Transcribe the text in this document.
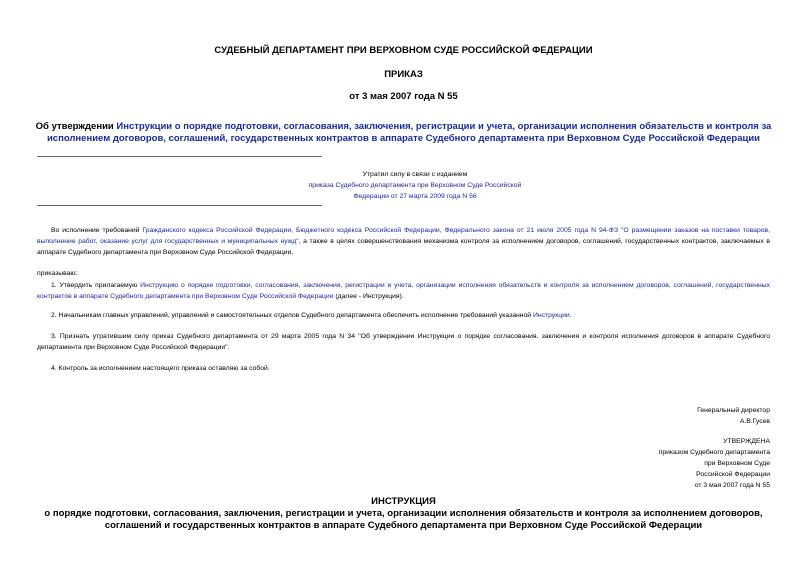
СУДЕБНЫЙ ДЕПАРТАМЕНТ ПРИ ВЕРХОВНОМ СУДЕ РОССИЙСКОЙ ФЕДЕРАЦИИ
ПРИКАЗ
от 3 мая 2007 года N 55
Об утверждении Инструкции о порядке подготовки, согласования, заключения, регистрации и учета, организации исполнения обязательств и контроля за исполнением договоров, соглашений, государственных контрактов в аппарате Судебного департамента при Верховном Суде Российской Федерации
Утратил силу в связи с изданием
приказа Судебного департамента при Верховном Суде Российской Федерации от 27 марта 2009 года N 56
Во исполнение требований Гражданского кодекса Российской Федерации, Бюджетного кодекса Российской Федерации, Федерального закона от 21 июля 2005 года N 94-ФЗ "О размещении заказов на поставки товаров, выполнение работ, оказание услуг для государственных и муниципальных нужд", а также в целях совершенствования механизма контроля за исполнением договоров, соглашений, государственных контрактов, заключаемых в аппарате Судебного департамента при Верховном Суде Российской Федерации,
приказываю:
1. Утвердить прилагаемую Инструкцию о порядке подготовки, согласования, заключения, регистрации и учета, организации исполнения обязательств и контроля за исполнением договоров, соглашений, государственных контрактов в аппарате Судебного департамента при Верховном Суде Российской Федерации (далее - Инструкция).
2. Начальникам главных управлений, управлений и самостоятельных отделов Судебного департамента обеспечить исполнение требований указанной Инструкции.
3. Признать утратившим силу приказ Судебного департамента от 29 марта 2005 года N 34 "Об утверждении Инструкции о порядке согласования, заключения и контроля исполнения договоров в аппарате Судебного департамента при Верховном Суде Российской Федерации".
4. Контроль за исполнением настоящего приказа оставляю за собой.
Генеральный директор
А.В.Гусев
УТВЕРЖДЕНА
приказом Судебного департамента
при Верховном Суде
Российской Федерации
от 3 мая 2007 года N 55
ИНСТРУКЦИЯ
о порядке подготовки, согласования, заключения, регистрации и учета, организации исполнения обязательств и контроля за исполнением договоров, соглашений и государственных контрактов в аппарате Судебного департамента при Верховном Суде Российской Федерации
